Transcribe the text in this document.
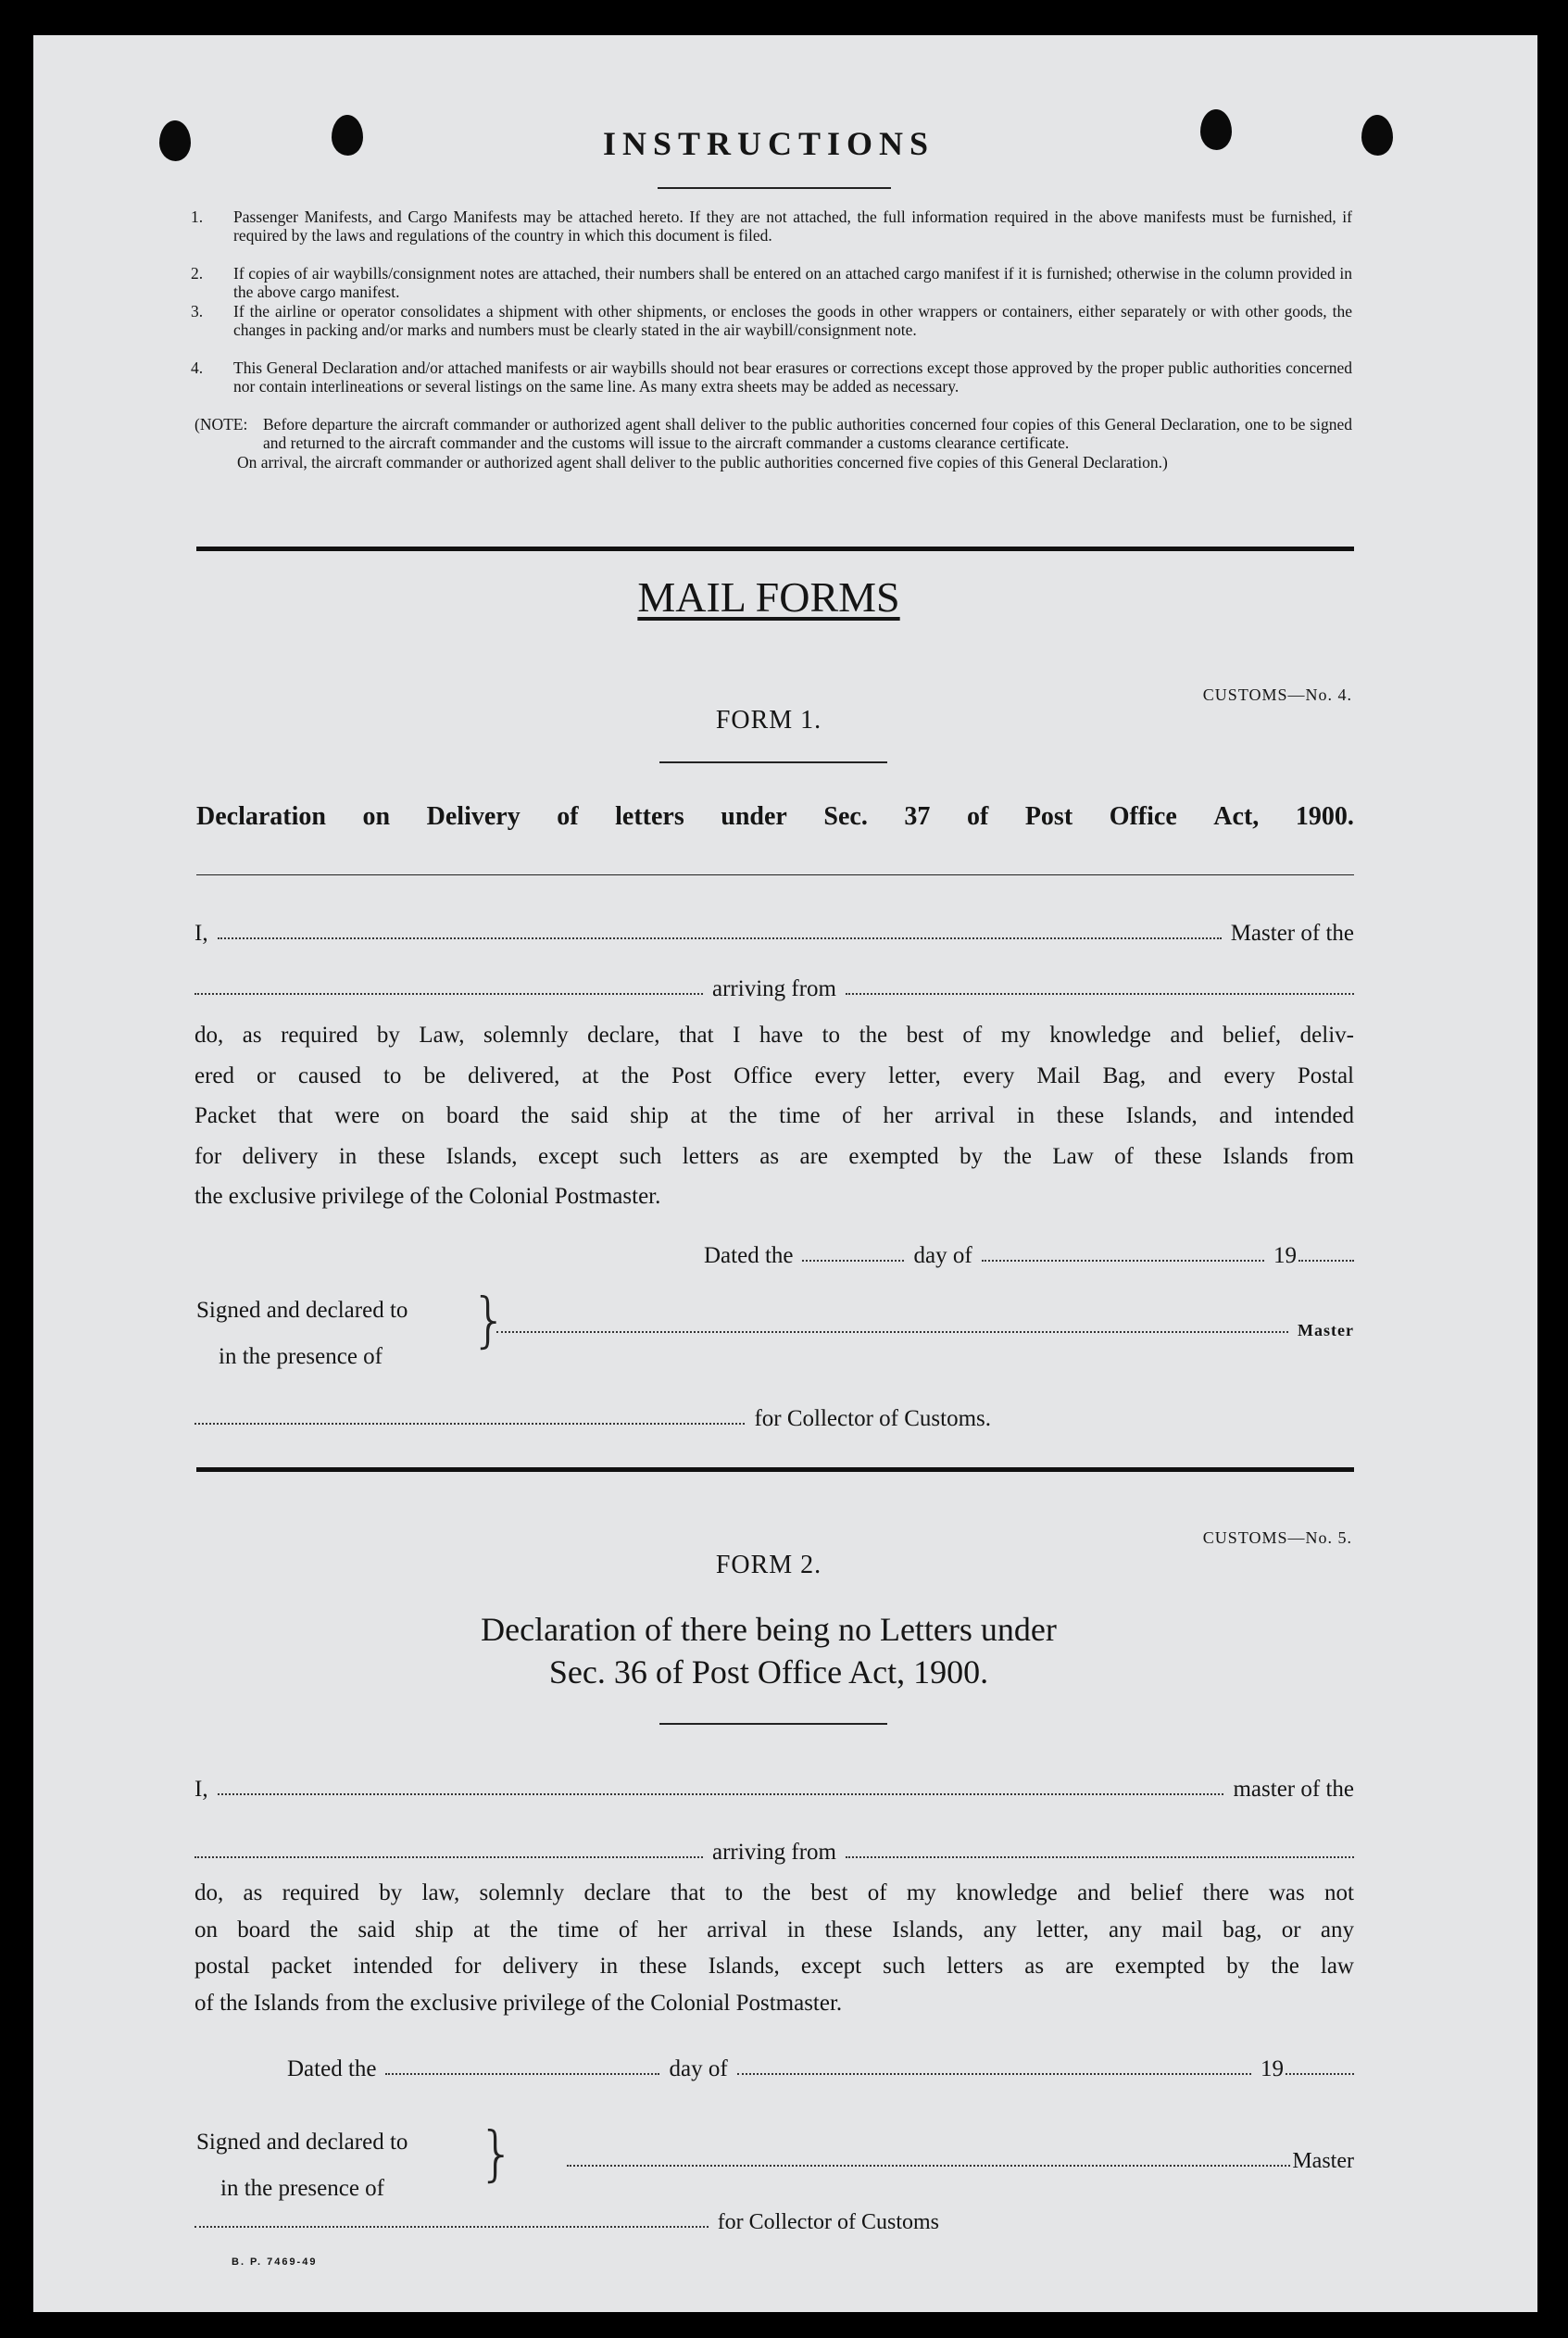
INSTRUCTIONS
1. Passenger Manifests, and Cargo Manifests may be attached hereto. If they are not attached, the full information required in the above manifests must be furnished, if required by the laws and regulations of the country in which this document is filed.
2. If copies of air waybills/consignment notes are attached, their numbers shall be entered on an attached cargo manifest if it is furnished; otherwise in the column provided in the above cargo manifest.
3. If the airline or operator consolidates a shipment with other shipments, or encloses the goods in other wrappers or containers, either separately or with other goods, the changes in packing and/or marks and numbers must be clearly stated in the air waybill/consignment note.
4. This General Declaration and/or attached manifests or air waybills should not bear erasures or corrections except those approved by the proper public authorities concerned nor contain interlineations or several listings on the same line. As many extra sheets may be added as necessary.
(NOTE: Before departure the aircraft commander or authorized agent shall deliver to the public authorities concerned four copies of this General Declaration, one to be signed and returned to the aircraft commander and the customs will issue to the aircraft commander a customs clearance certificate.
On arrival, the aircraft commander or authorized agent shall deliver to the public authorities concerned five copies of this General Declaration.)
MAIL FORMS
CUSTOMS—No. 4.
FORM 1.
Declaration on Delivery of letters under Sec. 37 of Post Office Act, 1900.
I,	Master of the
arriving from
do, as required by Law, solemnly declare, that I have to the best of my knowledge and belief, deliv-
ered or caused to be delivered, at the Post Office every letter, every Mail Bag, and every Postal
Packet that were on board the said ship at the time of her arrival in these Islands, and intended
for delivery in these Islands, except such letters as are exempted by the Law of these Islands from
the exclusive privilege of the Colonial Postmaster.
Dated the	day of	19
Signed and declared to
in the presence of
}	Master
for Collector of Customs.
CUSTOMS—No. 5.
FORM 2.
Declaration of there being no Letters under
Sec. 36 of Post Office Act, 1900.
I,	master of the
arriving from
do, as required by law, solemnly declare that to the best of my knowledge and belief there was not
on board the said ship at the time of her arrival in these Islands, any letter, any mail bag, or any
postal packet intended for delivery in these Islands, except such letters as are exempted by the law
of the Islands from the exclusive privilege of the Colonial Postmaster.
Dated the	day of	19
Signed and declared to
in the presence of	}	Master
for Collector of Customs
B. P. 7469-49
